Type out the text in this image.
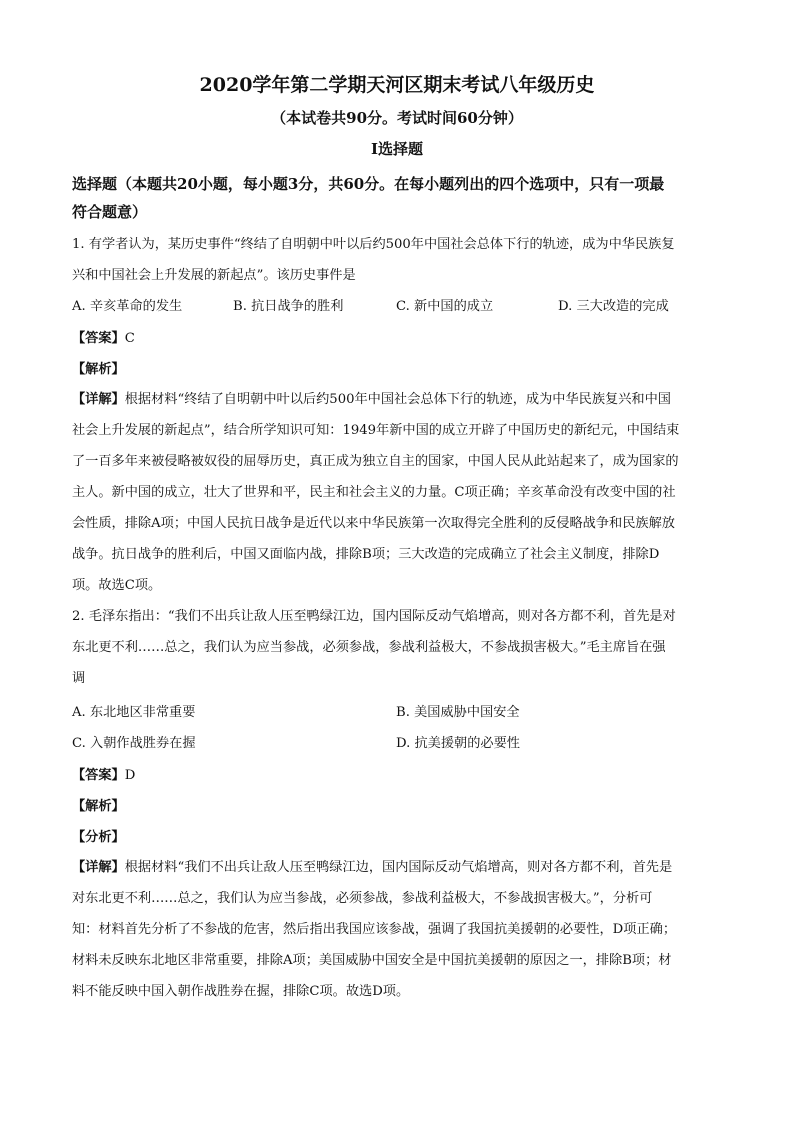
2020学年第二学期天河区期末考试八年级历史
（本试卷共90分。考试时间60分钟）
I选择题
选择题（本题共20小题，每小题3分，共60分。在每小题列出的四个选项中，只有一项最
符合题意）
1. 有学者认为，某历史事件“终结了自明朝中叶以后约500年中国社会总体下行的轨迹，成为中华民族复
兴和中国社会上升发展的新起点”。该历史事件是
A. 辛亥革命的发生	B. 抗日战争的胜利	C. 新中国的成立	D. 三大改造的完成
【答案】C
【解析】
【详解】根据材料“终结了自明朝中叶以后约500年中国社会总体下行的轨迹，成为中华民族复兴和中国
社会上升发展的新起点”，结合所学知识可知：1949年新中国的成立开辟了中国历史的新纪元，中国结束
了一百多年来被侵略被奴役的屈辱历史，真正成为独立自主的国家，中国人民从此站起来了，成为国家的
主人。新中国的成立，壮大了世界和平，民主和社会主义的力量。C项正确；辛亥革命没有改变中国的社
会性质，排除A项；中国人民抗日战争是近代以来中华民族第一次取得完全胜利的反侵略战争和民族解放
战争。抗日战争的胜利后，中国又面临内战，排除B项；三大改造的完成确立了社会主义制度，排除D
项。故选C项。
2. 毛泽东指出：“我们不出兵让敌人压至鸭绿江边，国内国际反动气焰增高，则对各方都不利，首先是对
东北更不利……总之，我们认为应当参战，必须参战，参战利益极大，不参战损害极大。”毛主席旨在强
调
A. 东北地区非常重要	B. 美国威胁中国安全
C. 入朝作战胜券在握	D. 抗美援朝的必要性
【答案】D
【解析】
【分析】
【详解】根据材料“我们不出兵让敌人压至鸭绿江边，国内国际反动气焰增高，则对各方都不利，首先是
对东北更不利……总之，我们认为应当参战，必须参战，参战利益极大，不参战损害极大。”，分析可
知：材料首先分析了不参战的危害，然后指出我国应该参战，强调了我国抗美援朝的必要性，D项正确；
材料未反映东北地区非常重要，排除A项；美国威胁中国安全是中国抗美援朝的原因之一，排除B项；材
料不能反映中国入朝作战胜券在握，排除C项。故选D项。
